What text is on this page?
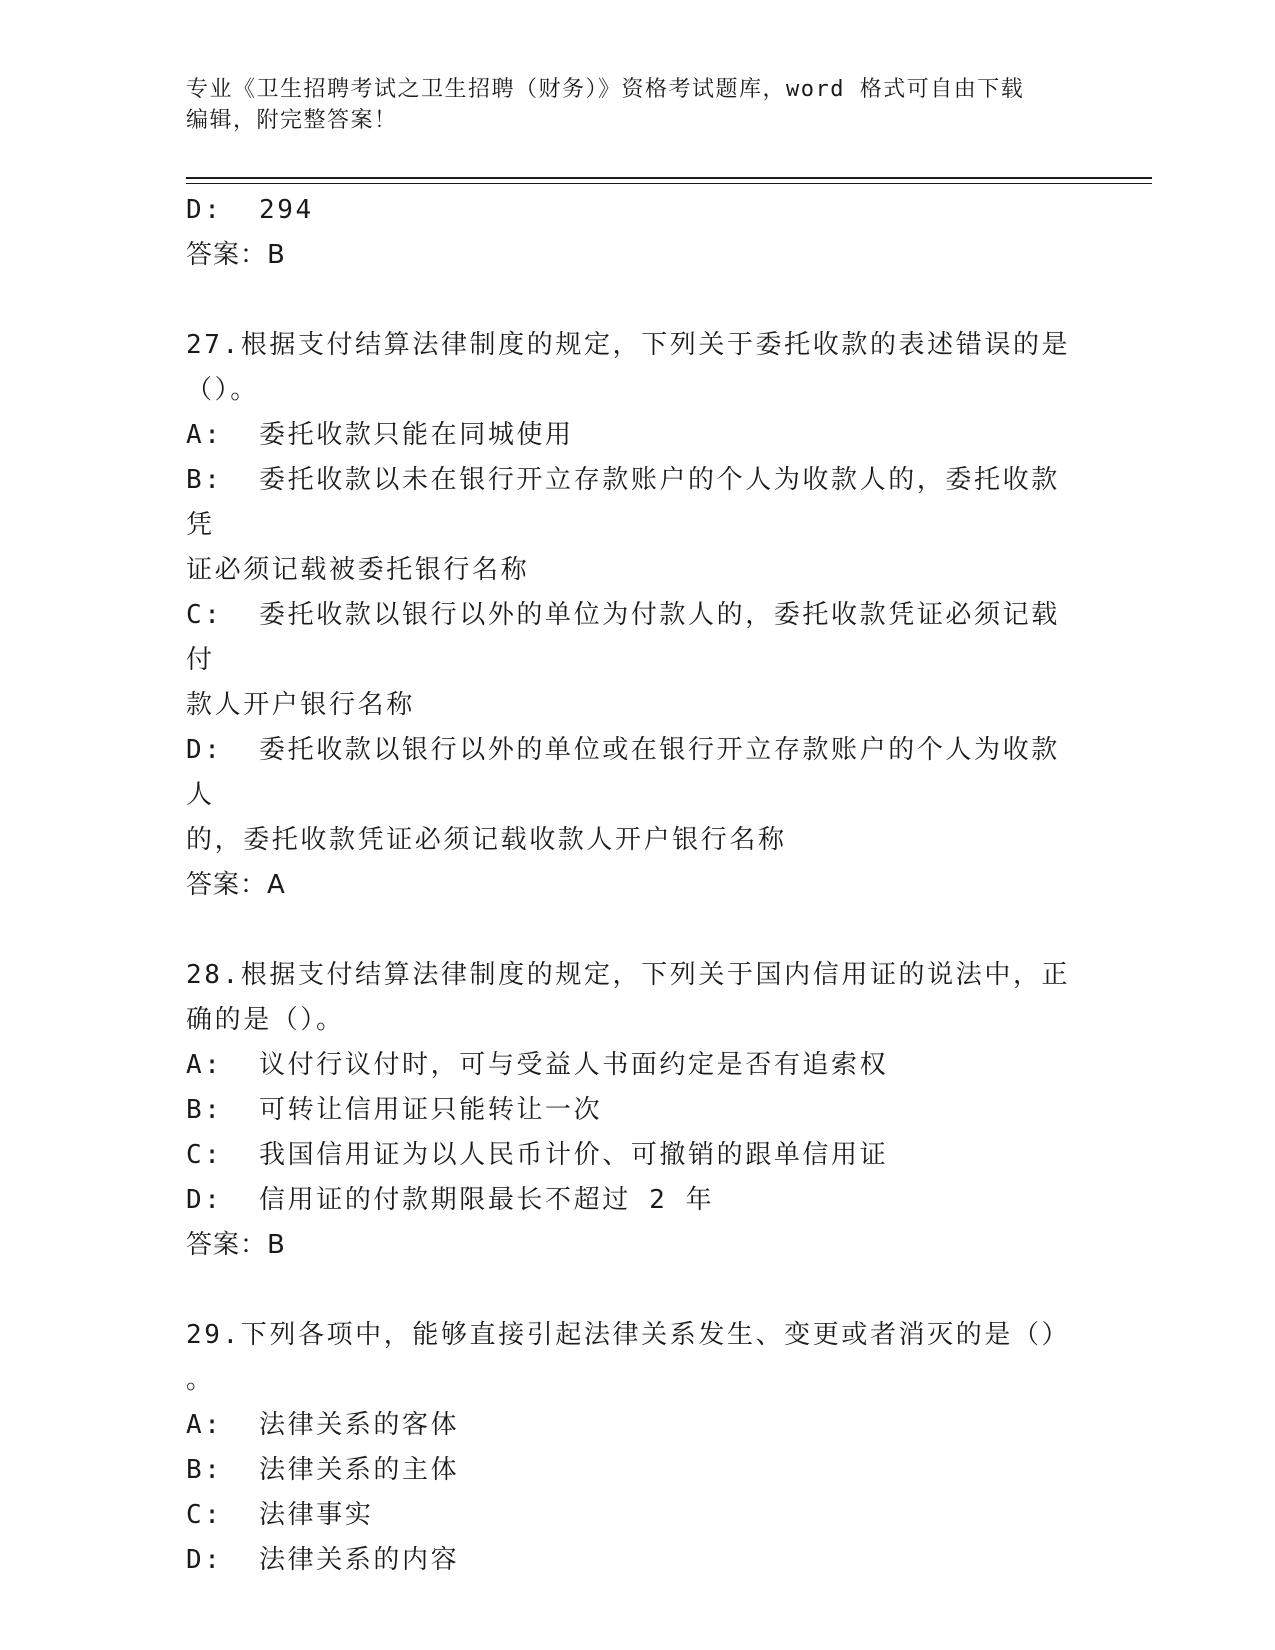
专业《卫生招聘考试之卫生招聘（财务）》资格考试题库，word 格式可自由下载

编辑，附完整答案！

D:  294

答案：B

27.根据支付结算法律制度的规定，下列关于委托收款的表述错误的是

（）。

A:  委托收款只能在同城使用

B:  委托收款以未在银行开立存款账户的个人为收款人的，委托收款凭

证必须记载被委托银行名称

C:  委托收款以银行以外的单位为付款人的，委托收款凭证必须记载付

款人开户银行名称

D:  委托收款以银行以外的单位或在银行开立存款账户的个人为收款人

的，委托收款凭证必须记载收款人开户银行名称

答案：A

28.根据支付结算法律制度的规定，下列关于国内信用证的说法中，正

确的是（）。

A:  议付行议付时，可与受益人书面约定是否有追索权

B:  可转让信用证只能转让一次

C:  我国信用证为以人民币计价、可撤销的跟单信用证

D:  信用证的付款期限最长不超过 2 年

答案：B

29.下列各项中，能够直接引起法律关系发生、变更或者消灭的是（）

。

A:  法律关系的客体

B:  法律关系的主体

C:  法律事实

D:  法律关系的内容
